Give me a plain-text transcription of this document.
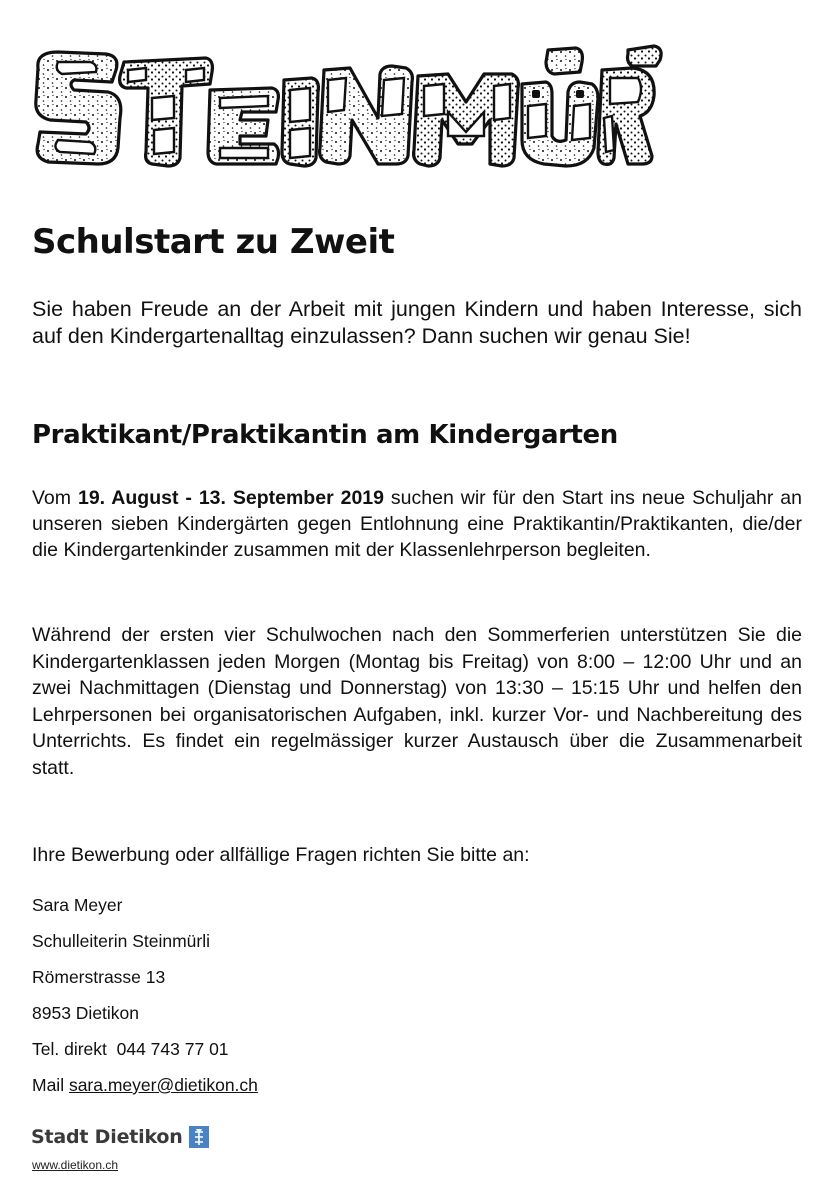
Schulstart zu Zweit

Sie haben Freude an der Arbeit mit jungen Kindern und haben Interesse, sich auf den Kindergartenalltag einzulassen? Dann suchen wir genau Sie!

Praktikant/Praktikantin am Kindergarten

Vom 19. August - 13. September 2019 suchen wir für den Start ins neue Schuljahr an unseren sieben Kindergärten gegen Entlohnung eine Praktikantin/Praktikanten, die/der die Kindergartenkinder zusammen mit der Klassenlehrperson begleiten.

Während der ersten vier Schulwochen nach den Sommerferien unterstützen Sie die Kindergartenklassen jeden Morgen (Montag bis Freitag) von 8:00 – 12:00 Uhr und an zwei Nachmittagen (Dienstag und Donnerstag) von 13:30 – 15:15 Uhr und helfen den Lehrpersonen bei organisatorischen Aufgaben, inkl. kurzer Vor- und Nachbereitung des Unterrichts. Es findet ein regelmässiger kurzer Austausch über die Zusammenarbeit statt.

Ihre Bewerbung oder allfällige Fragen richten Sie bitte an:

Sara Meyer
Schulleiterin Steinmürli
Römerstrasse 13
8953 Dietikon
Tel. direkt  044 743 77 01
Mail sara.meyer@dietikon.ch
Stadt Dietikon
www.dietikon.ch
